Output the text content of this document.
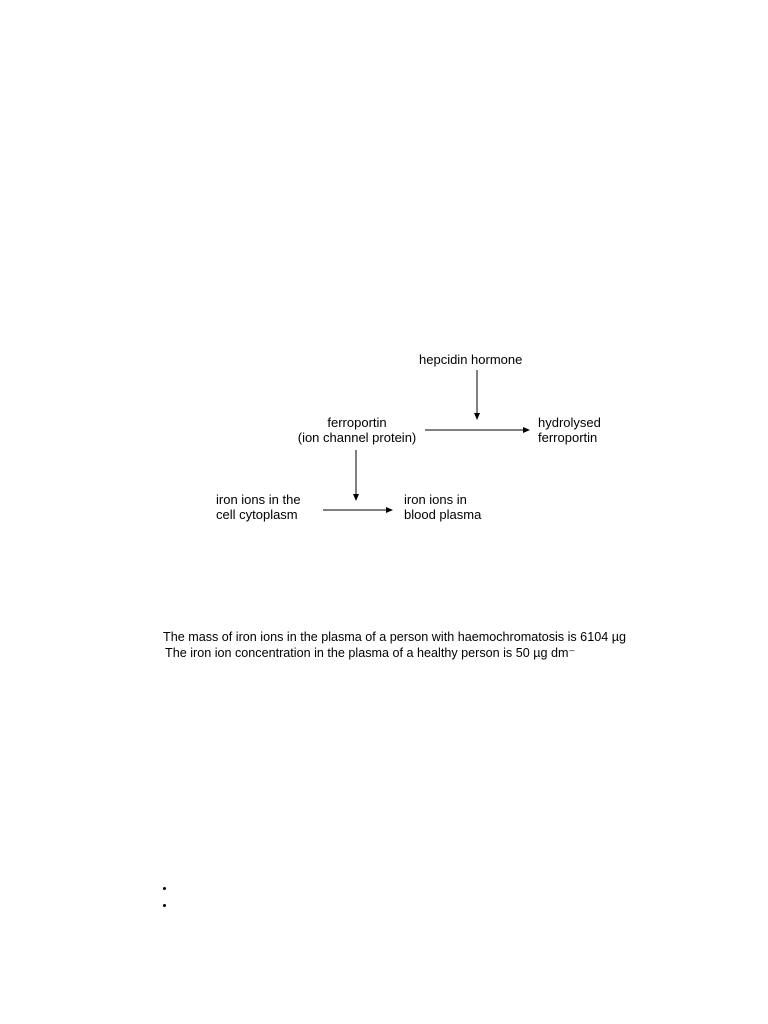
hepcidin hormone
ferroportin
(ion channel protein)
hydrolysed
ferroportin
iron ions in the
cell cytoplasm
iron ions in
blood plasma
The mass of iron ions in the plasma of a person with haemochromatosis is 6104 µg
The iron ion concentration in the plasma of a healthy person is 50 µg dm⁻
